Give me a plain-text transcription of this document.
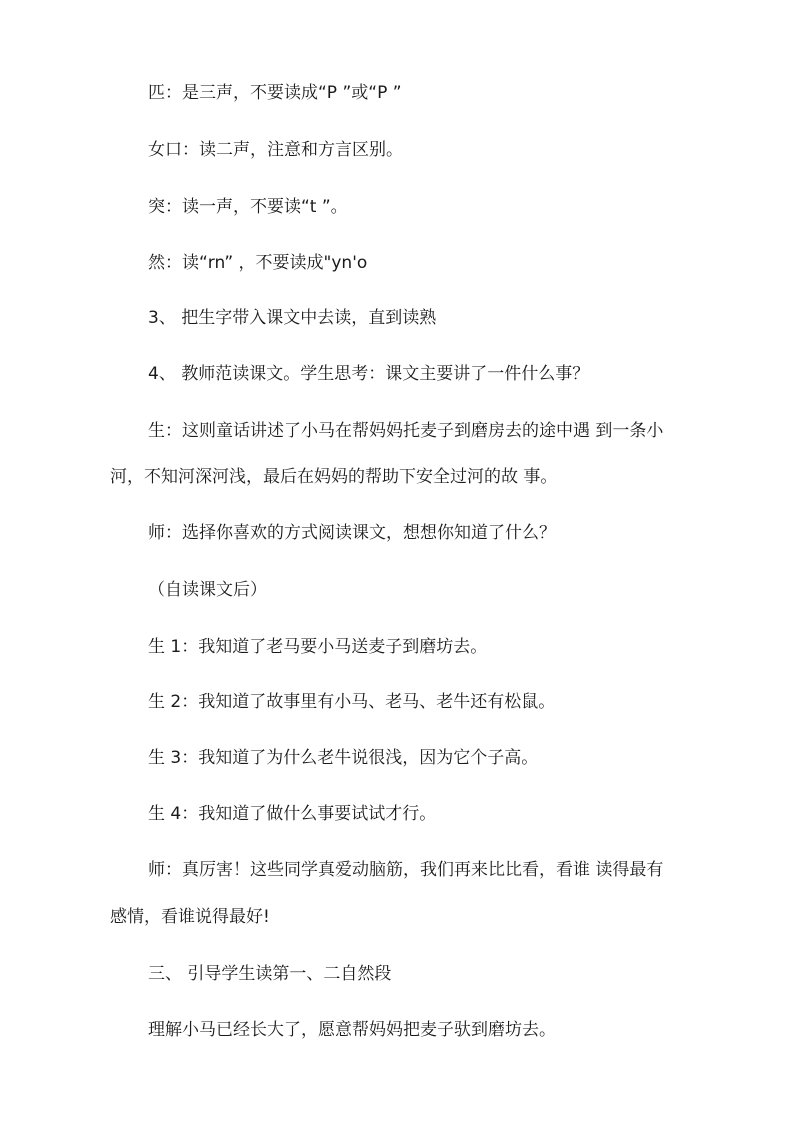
匹：是三声，不要读成“P ”或“P ”
女口：读二声，注意和方言区别。
突：读一声，不要读“t ”。
然：读“rn” ，不要读成"yn'o
3、 把生字带入课文中去读，直到读熟
4、 教师范读课文。学生思考：课文主要讲了一件什么事？
生：这则童话讲述了小马在帮妈妈托麦子到磨房去的途中遇 到一条小
河，不知河深河浅，最后在妈妈的帮助下安全过河的故 事。
师：选择你喜欢的方式阅读课文，想想你知道了什么？
（自读课文后）
生 1：我知道了老马要小马送麦子到磨坊去。
生 2：我知道了故事里有小马、老马、老牛还有松鼠。
生 3：我知道了为什么老牛说很浅，因为它个子高。
生 4：我知道了做什么事要试试才行。
师：真厉害！这些同学真爱动脑筋，我们再来比比看，看谁 读得最有
感情，看谁说得最好!
三、 引导学生读第一、二自然段
理解小马已经长大了，愿意帮妈妈把麦子驮到磨坊去。
